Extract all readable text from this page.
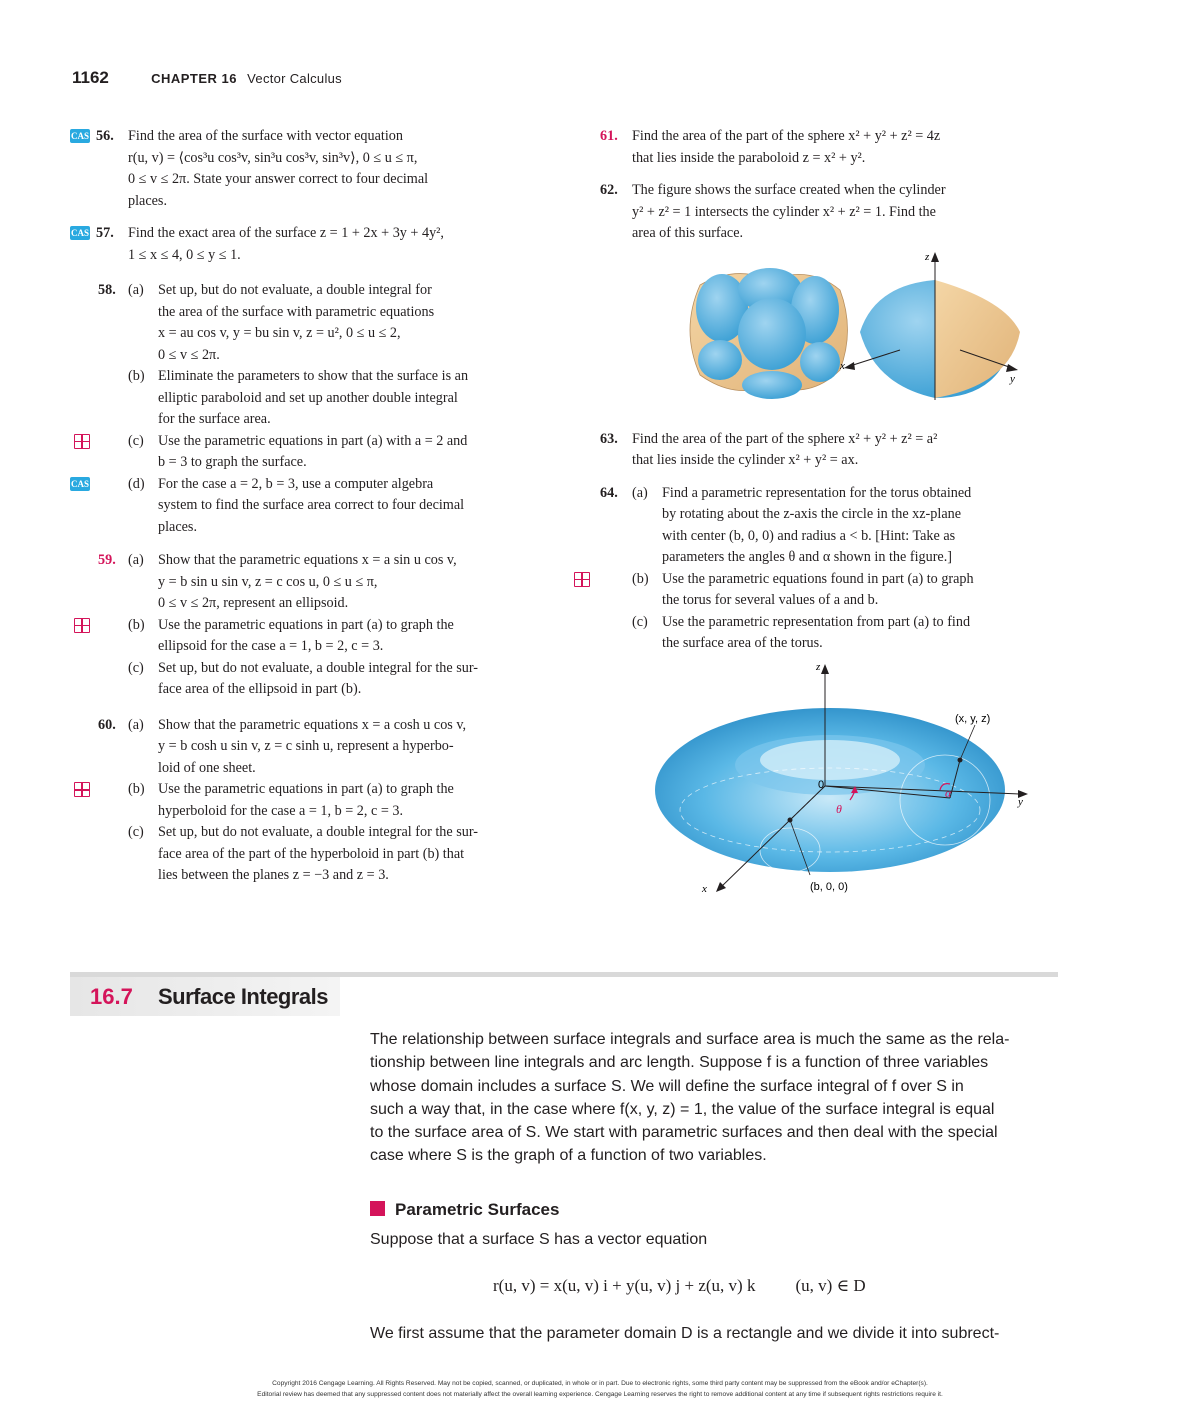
1162	CHAPTER 16 Vector Calculus
CAS 56. Find the area of the surface with vector equation
r(u, v) = ⟨cos³u cos³v, sin³u cos³v, sin³v⟩, 0 ≤ u ≤ π,
0 ≤ v ≤ 2π. State your answer correct to four decimal
places.
CAS 57. Find the exact area of the surface z = 1 + 2x + 3y + 4y²,
1 ≤ x ≤ 4, 0 ≤ y ≤ 1.
58. (a) Set up, but do not evaluate, a double integral for
the area of the surface with parametric equations
x = au cos v, y = bu sin v, z = u², 0 ≤ u ≤ 2,
0 ≤ v ≤ 2π.
(b) Eliminate the parameters to show that the surface is an
elliptic paraboloid and set up another double integral
for the surface area.
(c) Use the parametric equations in part (a) with a = 2 and
b = 3 to graph the surface.
CAS	(d) For the case a = 2, b = 3, use a computer algebra
system to find the surface area correct to four decimal
places.
59. (a) Show that the parametric equations x = a sin u cos v,
y = b sin u sin v, z = c cos u, 0 ≤ u ≤ π,
0 ≤ v ≤ 2π, represent an ellipsoid.
(b) Use the parametric equations in part (a) to graph the
ellipsoid for the case a = 1, b = 2, c = 3.
(c) Set up, but do not evaluate, a double integral for the sur-
face area of the ellipsoid in part (b).
60. (a) Show that the parametric equations x = a cosh u cos v,
y = b cosh u sin v, z = c sinh u, represent a hyperbo-
loid of one sheet.
(b) Use the parametric equations in part (a) to graph the
hyperboloid for the case a = 1, b = 2, c = 3.
(c) Set up, but do not evaluate, a double integral for the sur-
face area of the part of the hyperboloid in part (b) that
lies between the planes z = −3 and z = 3.
61. Find the area of the part of the sphere x² + y² + z² = 4z
that lies inside the paraboloid z = x² + y².
62. The figure shows the surface created when the cylinder
y² + z² = 1 intersects the cylinder x² + z² = 1. Find the
area of this surface.
63. Find the area of the part of the sphere x² + y² + z² = a²
that lies inside the cylinder x² + y² = ax.
64. (a) Find a parametric representation for the torus obtained
by rotating about the z-axis the circle in the xz-plane
with center (b, 0, 0) and radius a < b. [Hint: Take as
parameters the angles θ and α shown in the figure.]
(b) Use the parametric equations found in part (a) to graph
the torus for several values of a and b.
(c) Use the parametric representation from part (a) to find
the surface area of the torus.
z
x
y
0
θ
α
z
y
x
(x, y, z)
(b, 0, 0)
16.7 Surface Integrals
The relationship between surface integrals and surface area is much the same as the rela-
tionship between line integrals and arc length. Suppose f is a function of three variables
whose domain includes a surface S. We will define the surface integral of f over S in
such a way that, in the case where f(x, y, z) = 1, the value of the surface integral is equal
to the surface area of S. We start with parametric surfaces and then deal with the special
case where S is the graph of a function of two variables.
Parametric Surfaces
Suppose that a surface S has a vector equation
r(u, v) = x(u, v) i + y(u, v) j + z(u, v) k (u, v) ∈ D
We first assume that the parameter domain D is a rectangle and we divide it into subrect-
Copyright 2016 Cengage Learning. All Rights Reserved. May not be copied, scanned, or duplicated, in whole or in part. Due to electronic rights, some third party content may be suppressed from the eBook and/or eChapter(s).
Editorial review has deemed that any suppressed content does not materially affect the overall learning experience. Cengage Learning reserves the right to remove additional content at any time if subsequent rights restrictions require it.
